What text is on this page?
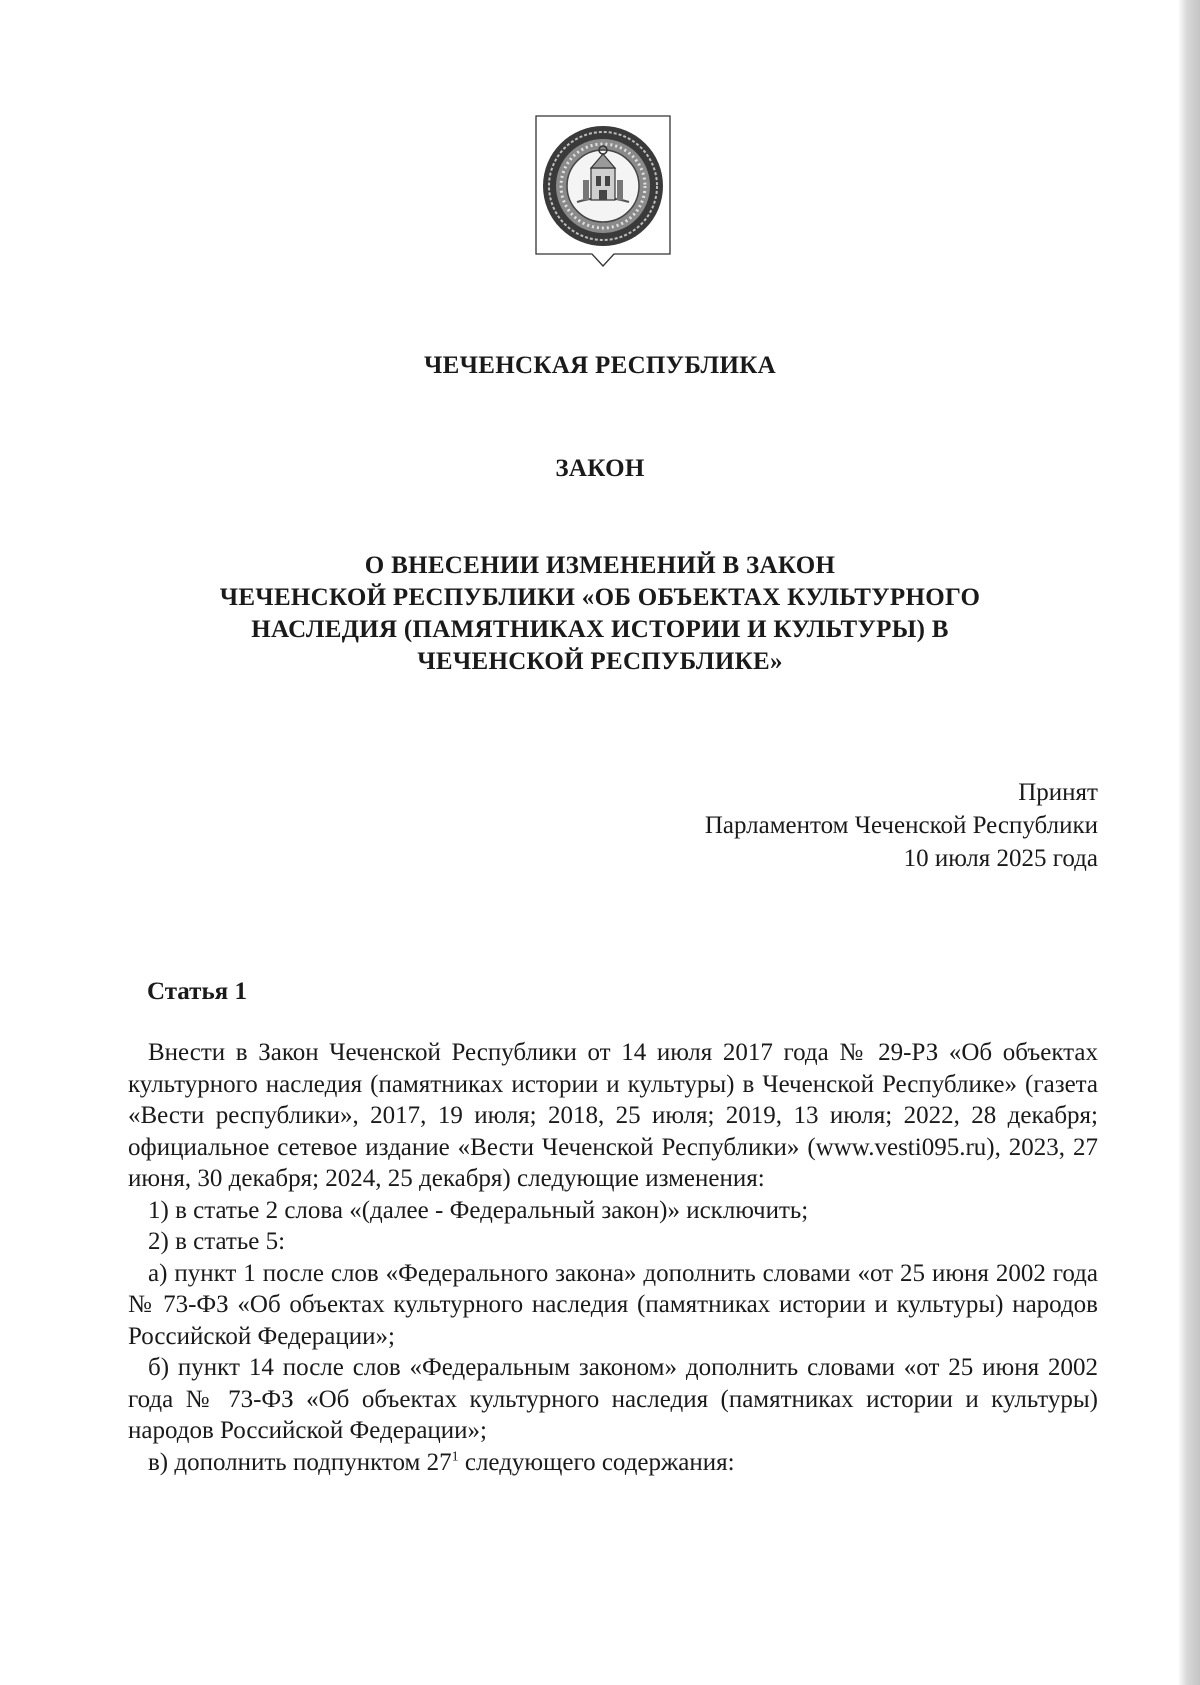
ЧЕЧЕНСКАЯ РЕСПУБЛИКА
ЗАКОН
О ВНЕСЕНИИ ИЗМЕНЕНИЙ В ЗАКОН
ЧЕЧЕНСКОЙ РЕСПУБЛИКИ «ОБ ОБЪЕКТАХ КУЛЬТУРНОГО
НАСЛЕДИЯ (ПАМЯТНИКАХ ИСТОРИИ И КУЛЬТУРЫ) В
ЧЕЧЕНСКОЙ РЕСПУБЛИКЕ»
Принят
Парламентом Чеченской Республики
10 июля 2025 года
Статья 1

Внести в Закон Чеченской Республики от 14 июля 2017 года № 29-РЗ «Об объектах культурного наследия (памятниках истории и культуры) в Чеченской Республике» (газета «Вести республики», 2017, 19 июля; 2018, 25 июля; 2019, 13 июля; 2022, 28 декабря; официальное сетевое издание «Вести Чеченской Республики» (www.vesti095.ru), 2023, 27 июня, 30 декабря; 2024, 25 декабря) следующие изменения:

1) в статье 2 слова «(далее - Федеральный закон)» исключить;

2) в статье 5:

а) пункт 1 после слов «Федерального закона» дополнить словами «от 25 июня 2002 года № 73-ФЗ «Об объектах культурного наследия (памятниках истории и культуры) народов Российской Федерации»;

б) пункт 14 после слов «Федеральным законом» дополнить словами «от 25 июня 2002 года № 73-ФЗ «Об объектах культурного наследия (памятниках истории и культуры) народов Российской Федерации»;

в) дополнить подпунктом $27^1$ следующего содержания:
